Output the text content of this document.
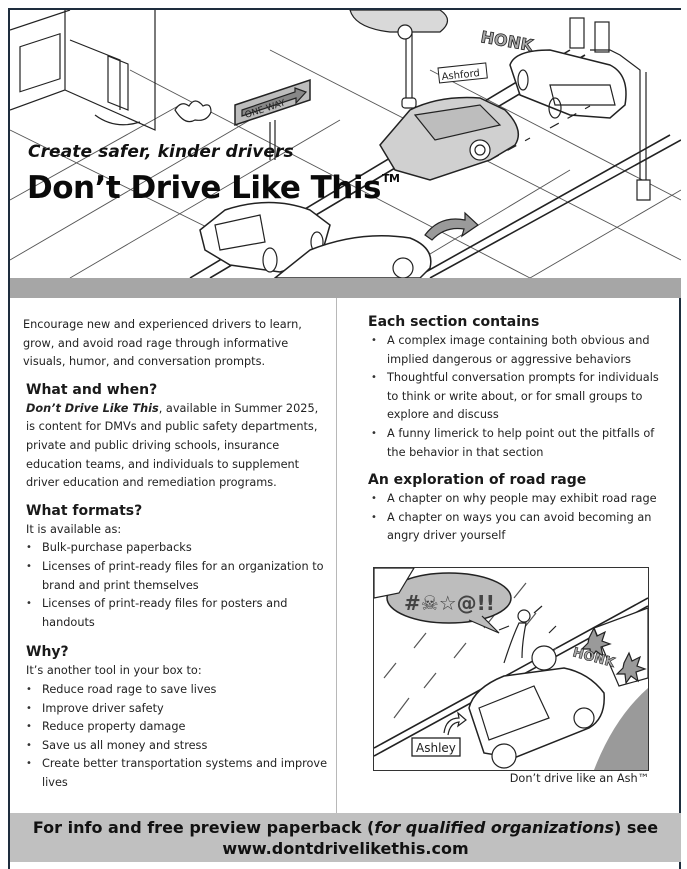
ONE WAY
Ashford
HONK
Create safer, kinder drivers
Don’t Drive Like This™

Encourage new and experienced drivers to learn, grow, and avoid road rage through informative visuals, humor, and conversation prompts.

What and when?

Don’t Drive Like This, available in Summer 2025, is content for DMVs and public safety departments, private and public driving schools, insurance education teams, and individuals to supplement driver education and remediation programs.

What formats?

It is available as:

• Bulk-purchase paperbacks
• Licenses of print-ready files for an organization to brand and print themselves
• Licenses of print-ready files for posters and handouts
Why?

It’s another tool in your box to:

• Reduce road rage to save lives
• Improve driver safety
• Reduce property damage
• Save us all money and stress
• Create better transportation systems and improve lives
Each section contains
• A complex image containing both obvious and implied dangerous or aggressive behaviors
• Thoughtful conversation prompts for individuals to think or write about, or for small groups to explore and discuss
• A funny limerick to help point out the pitfalls of the behavior in that section
An exploration of road rage
• A chapter on why people may exhibit road rage
• A chapter on ways you can avoid becoming an angry driver yourself
#☠☆@!!
HONK
Ashley
Don’t drive like an Ash™
For info and free preview paperback (for qualified organizations) see
www.dontdrivelikethis.com
